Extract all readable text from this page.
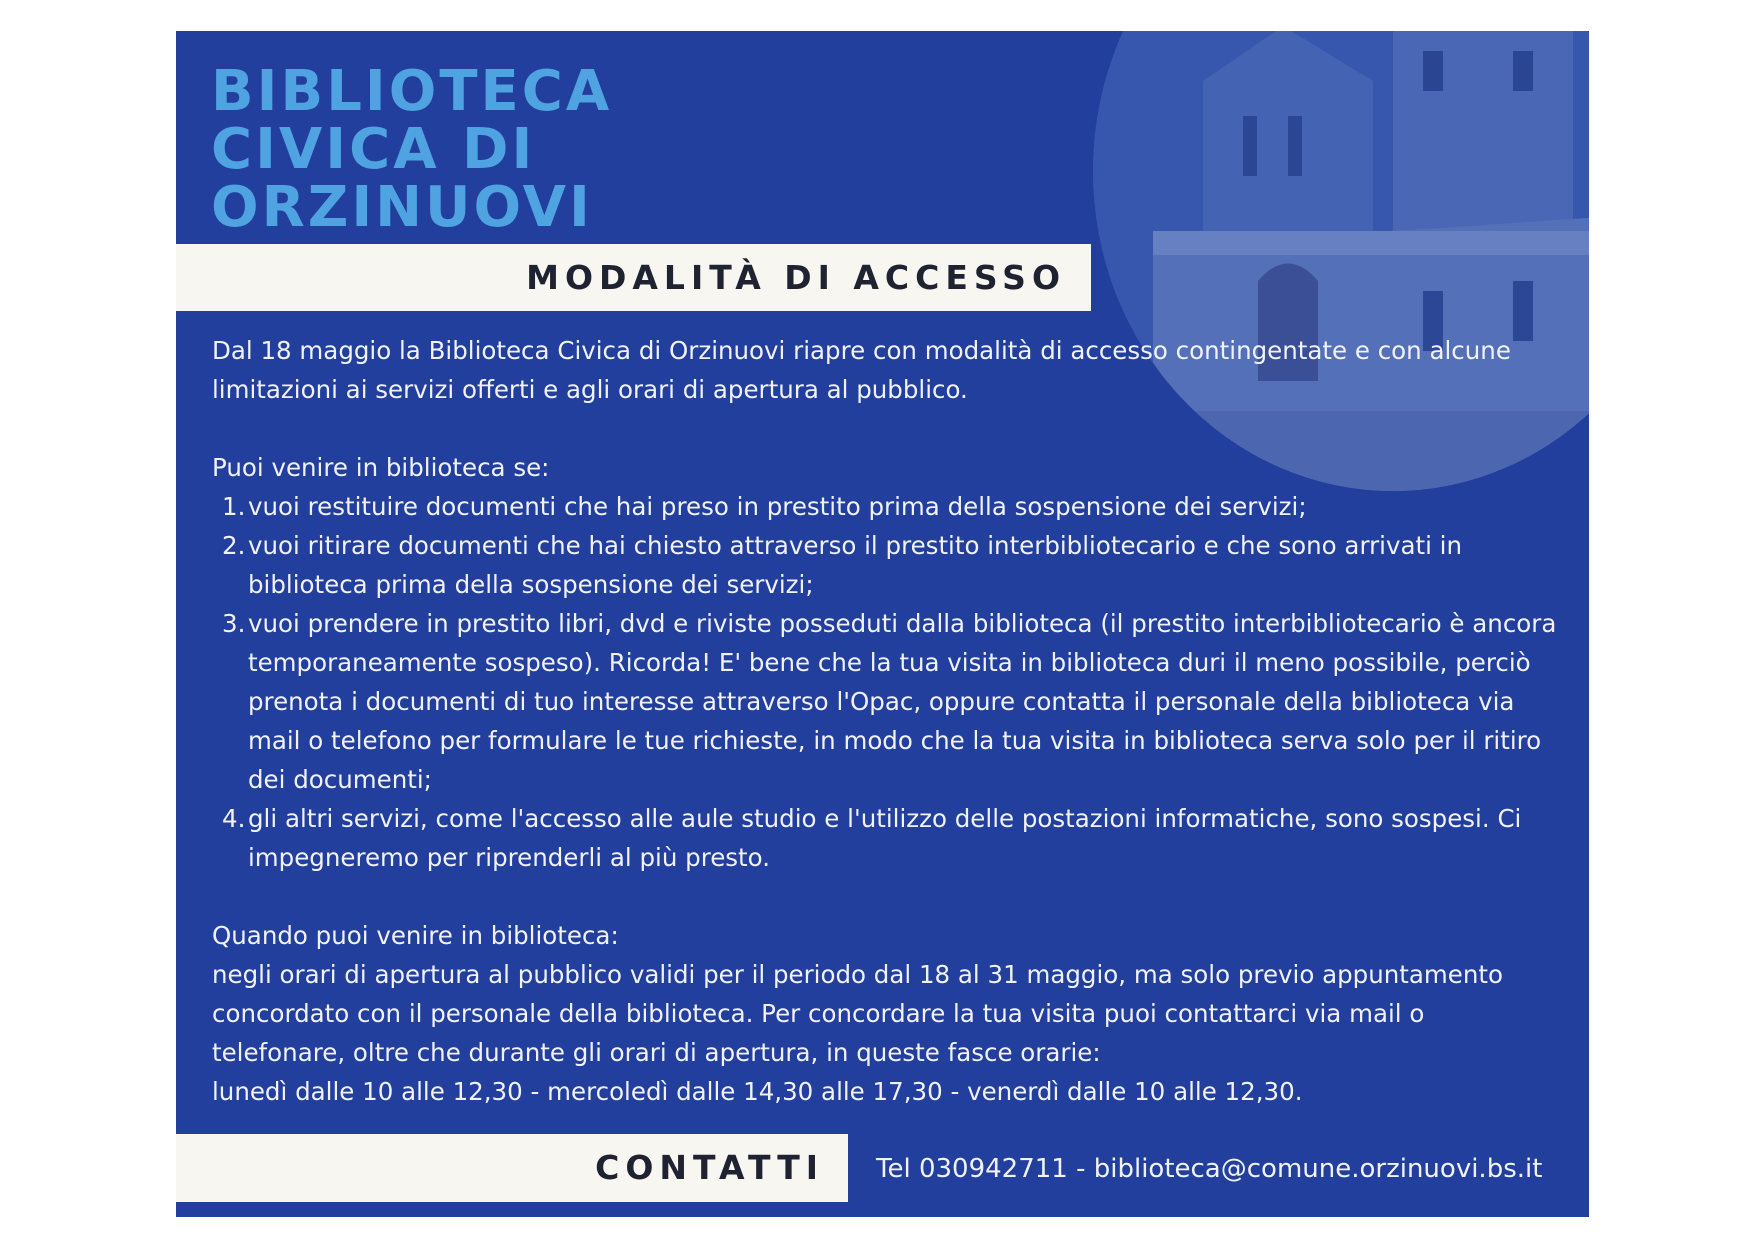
BIBLIOTECA
CIVICA DI
ORZINUOVI
MODALITÀ DI ACCESSO

Dal 18 maggio la Biblioteca Civica di Orzinuovi riapre con modalità di accesso contingentate e con alcune limitazioni ai servizi offerti e agli orari di apertura al pubblico.

Puoi venire in biblioteca se:

1. vuoi restituire documenti che hai preso in prestito prima della sospensione dei servizi;
2. vuoi ritirare documenti che hai chiesto attraverso il prestito interbibliotecario e che sono arrivati in biblioteca prima della sospensione dei servizi;
3. vuoi prendere in prestito libri, dvd e riviste posseduti dalla biblioteca (il prestito interbibliotecario è ancora temporaneamente sospeso). Ricorda! E' bene che la tua visita in biblioteca duri il meno possibile, perciò prenota i documenti di tuo interesse attraverso l'Opac, oppure contatta il personale della biblioteca via mail o telefono per formulare le tue richieste, in modo che la tua visita in biblioteca serva solo per il ritiro dei documenti;
4. gli altri servizi, come l'accesso alle aule studio e l'utilizzo delle postazioni informatiche, sono sospesi. Ci impegneremo per riprenderli al più presto.

Quando puoi venire in biblioteca:

negli orari di apertura al pubblico validi per il periodo dal 18 al 31 maggio, ma solo previo appuntamento concordato con il personale della biblioteca. Per concordare la tua visita puoi contattarci via mail o telefonare, oltre che durante gli orari di apertura, in queste fasce orarie:

lunedì dalle 10 alle 12,30 - mercoledì dalle 14,30 alle 17,30 - venerdì dalle 10 alle 12,30.

CONTATTI Tel 030942711 - biblioteca@comune.orzinuovi.bs.it
